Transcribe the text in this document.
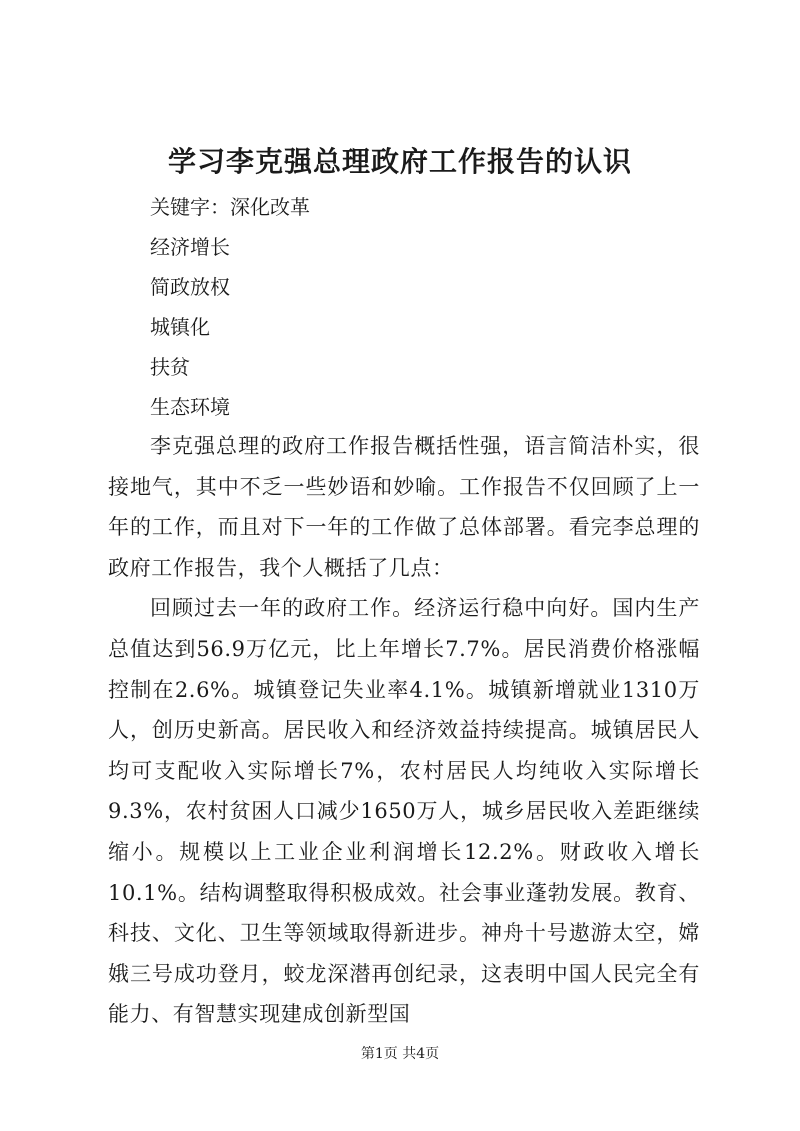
学习李克强总理政府工作报告的认识

关键字：深化改革

经济增长

简政放权

城镇化

扶贫

生态环境

李克强总理的政府工作报告概括性强，语言简洁朴实，很接地气，其中不乏一些妙语和妙喻。工作报告不仅回顾了上一年的工作，而且对下一年的工作做了总体部署。看完李总理的政府工作报告，我个人概括了几点：

回顾过去一年的政府工作。经济运行稳中向好。国内生产总值达到56.9万亿元，比上年增长7.7%。居民消费价格涨幅控制在2.6%。城镇登记失业率4.1%。城镇新增就业1310万人，创历史新高。居民收入和经济效益持续提高。城镇居民人均可支配收入实际增长7%，农村居民人均纯收入实际增长9.3%，农村贫困人口减少1650万人，城乡居民收入差距继续缩小。规模以上工业企业利润增长12.2%。财政收入增长10.1%。结构调整取得积极成效。社会事业蓬勃发展。教育、科技、文化、卫生等领域取得新进步。神舟十号遨游太空，嫦娥三号成功登月，蛟龙深潜再创纪录，这表明中国人民完全有能力、有智慧实现建成创新型国

第1页 共4页
